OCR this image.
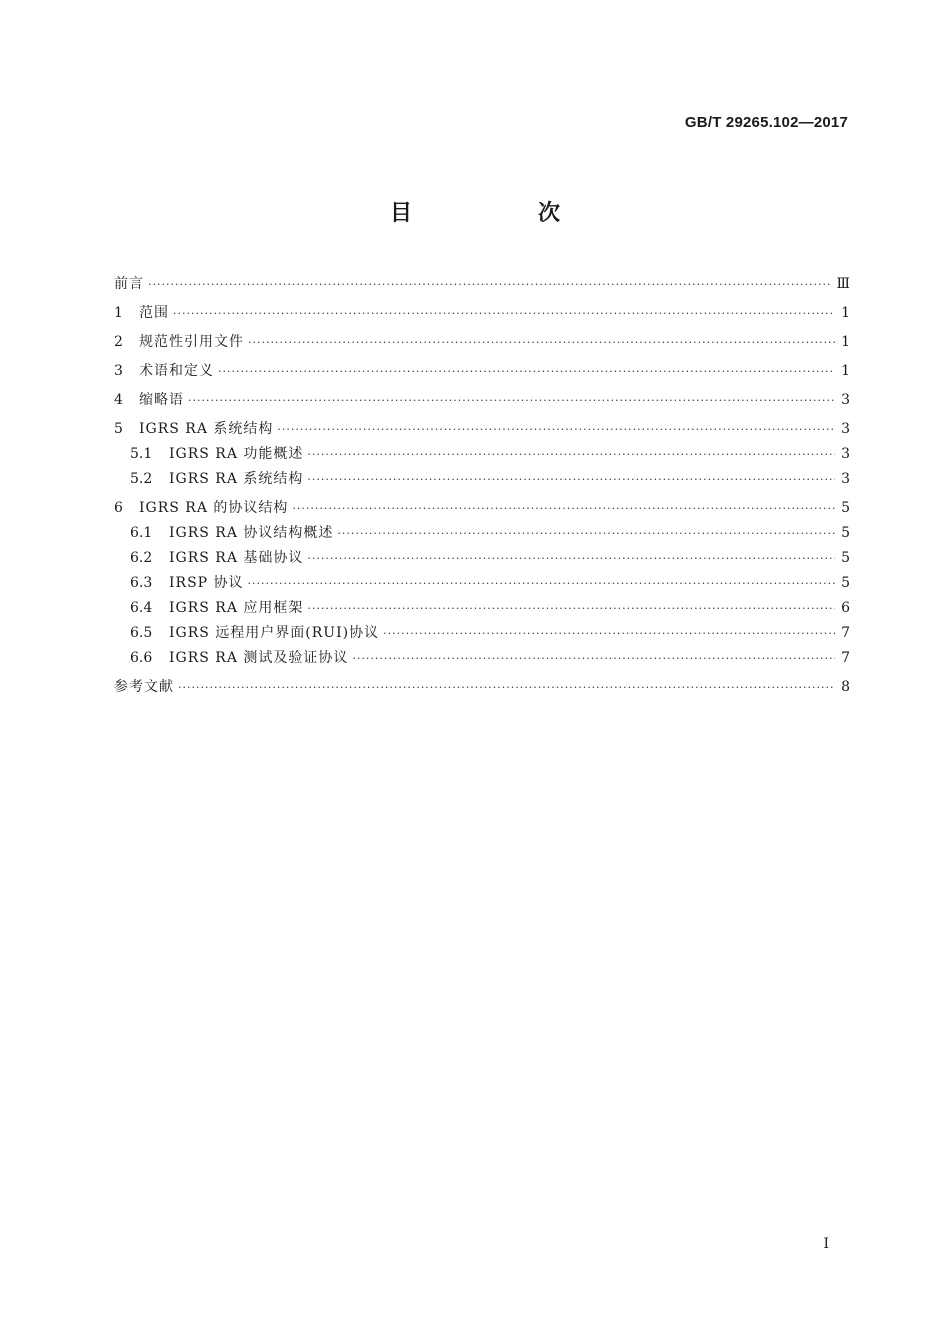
GB/T 29265.102—2017
目　次
前言 ·····	Ⅲ
1	范围 ·····	1
2	规范性引用文件 ·····	1
3	术语和定义 ·····	1
4	缩略语 ·····	3
5	IGRS RA 系统结构 ·····	3
5.1	IGRS RA 功能概述 ·····	3
5.2	IGRS RA 系统结构 ·····	3
6	IGRS RA 的协议结构 ·····	5
6.1	IGRS RA 协议结构概述 ·····	5
6.2	IGRS RA 基础协议 ·····	5
6.3	IRSP 协议 ·····	5
6.4	IGRS RA 应用框架 ·····	6
6.5	IGRS 远程用户界面(RUI)协议 ·····	7
6.6	IGRS RA 测试及验证协议 ·····	7
参考文献 ·····	8
I
